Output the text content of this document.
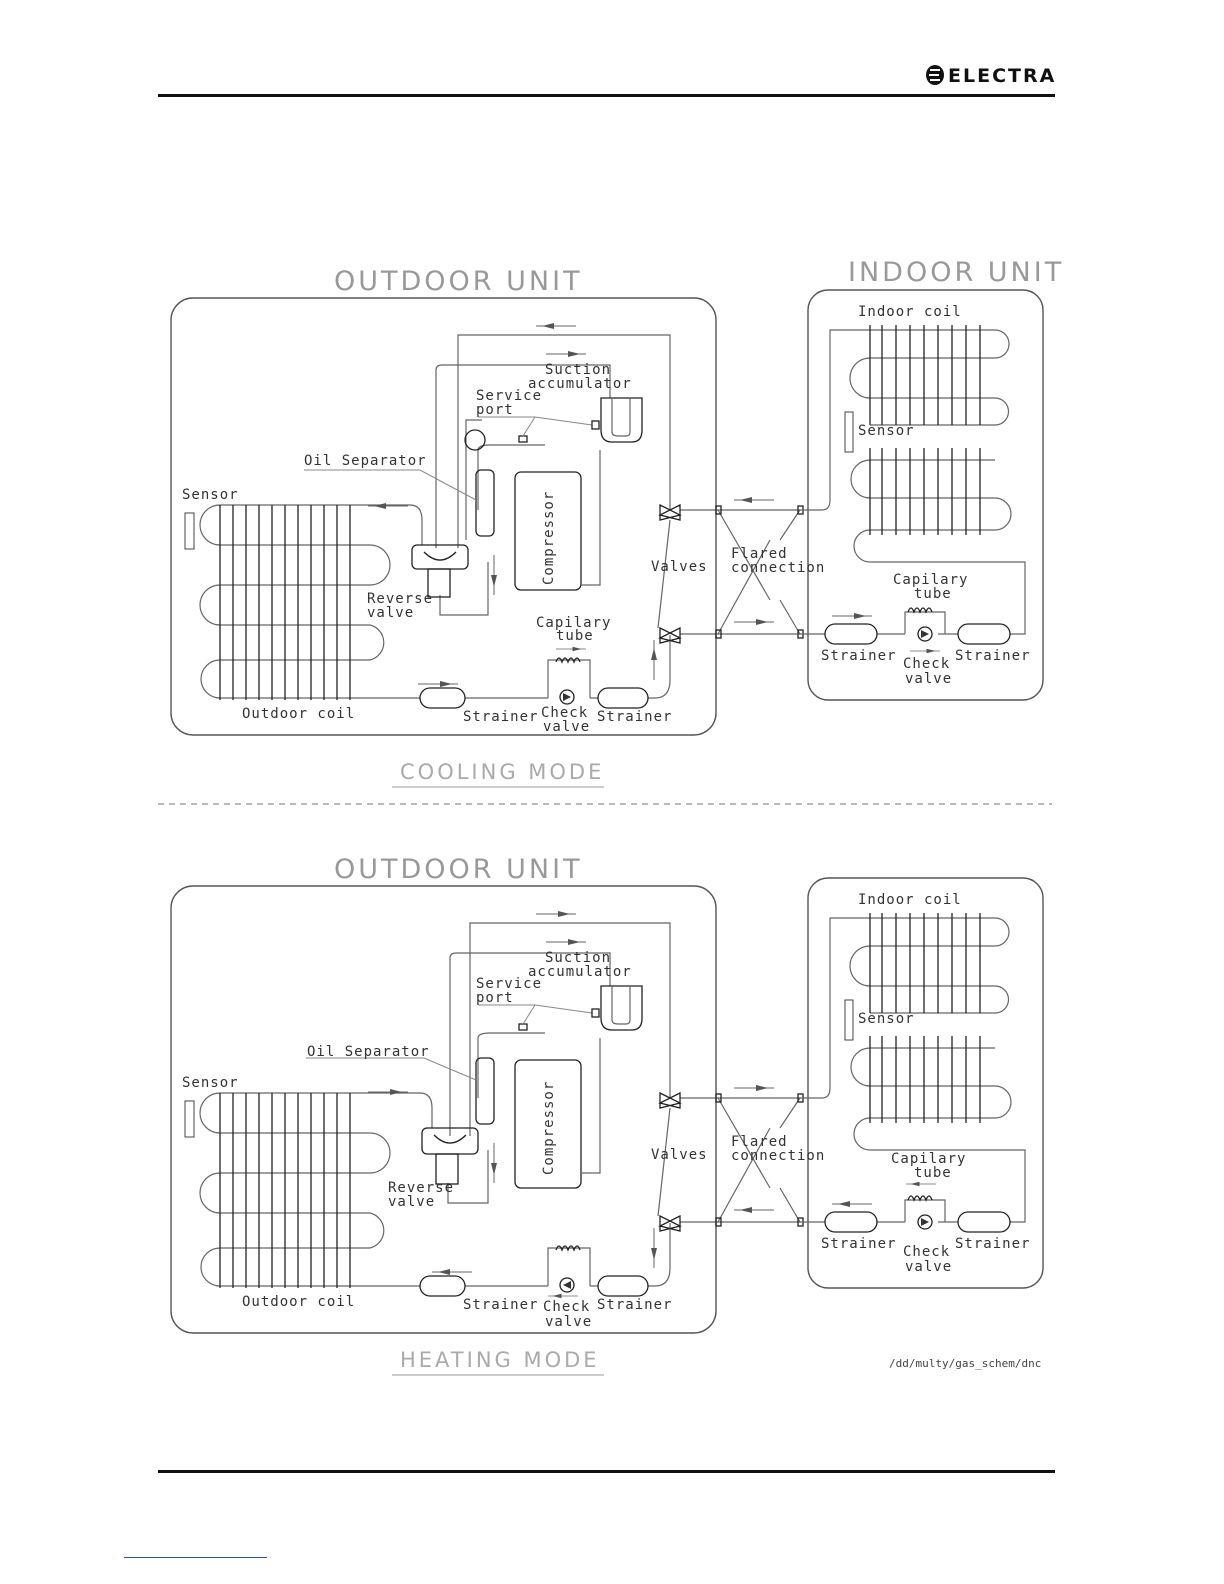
ELECTRA
OUTDOOR UNIT	INDOOR UNIT
Sensor
Outdoor coil
Compressor
Oil Separator
Service
port
Suction
accumulator
Reverse
valve
Capilary
tube
Strainer Check
valve
Strainer
Valves
Flared
connection
Indoor coil
Sensor
Capilary
tube
Strainer Check
valve
Strainer
COOLING MODE
OUTDOOR UNIT
Sensor
Outdoor coil
Compressor
Oil Separator
Service
port
Suction
accumulator
Reverse
valve
Strainer Check
valve
Strainer
Valves
Flared
connection
Indoor coil
Sensor
Capilary
tube
Strainer Check
valve
Strainer
HEATING MODE	/dd/multy/gas_schem/dnc
